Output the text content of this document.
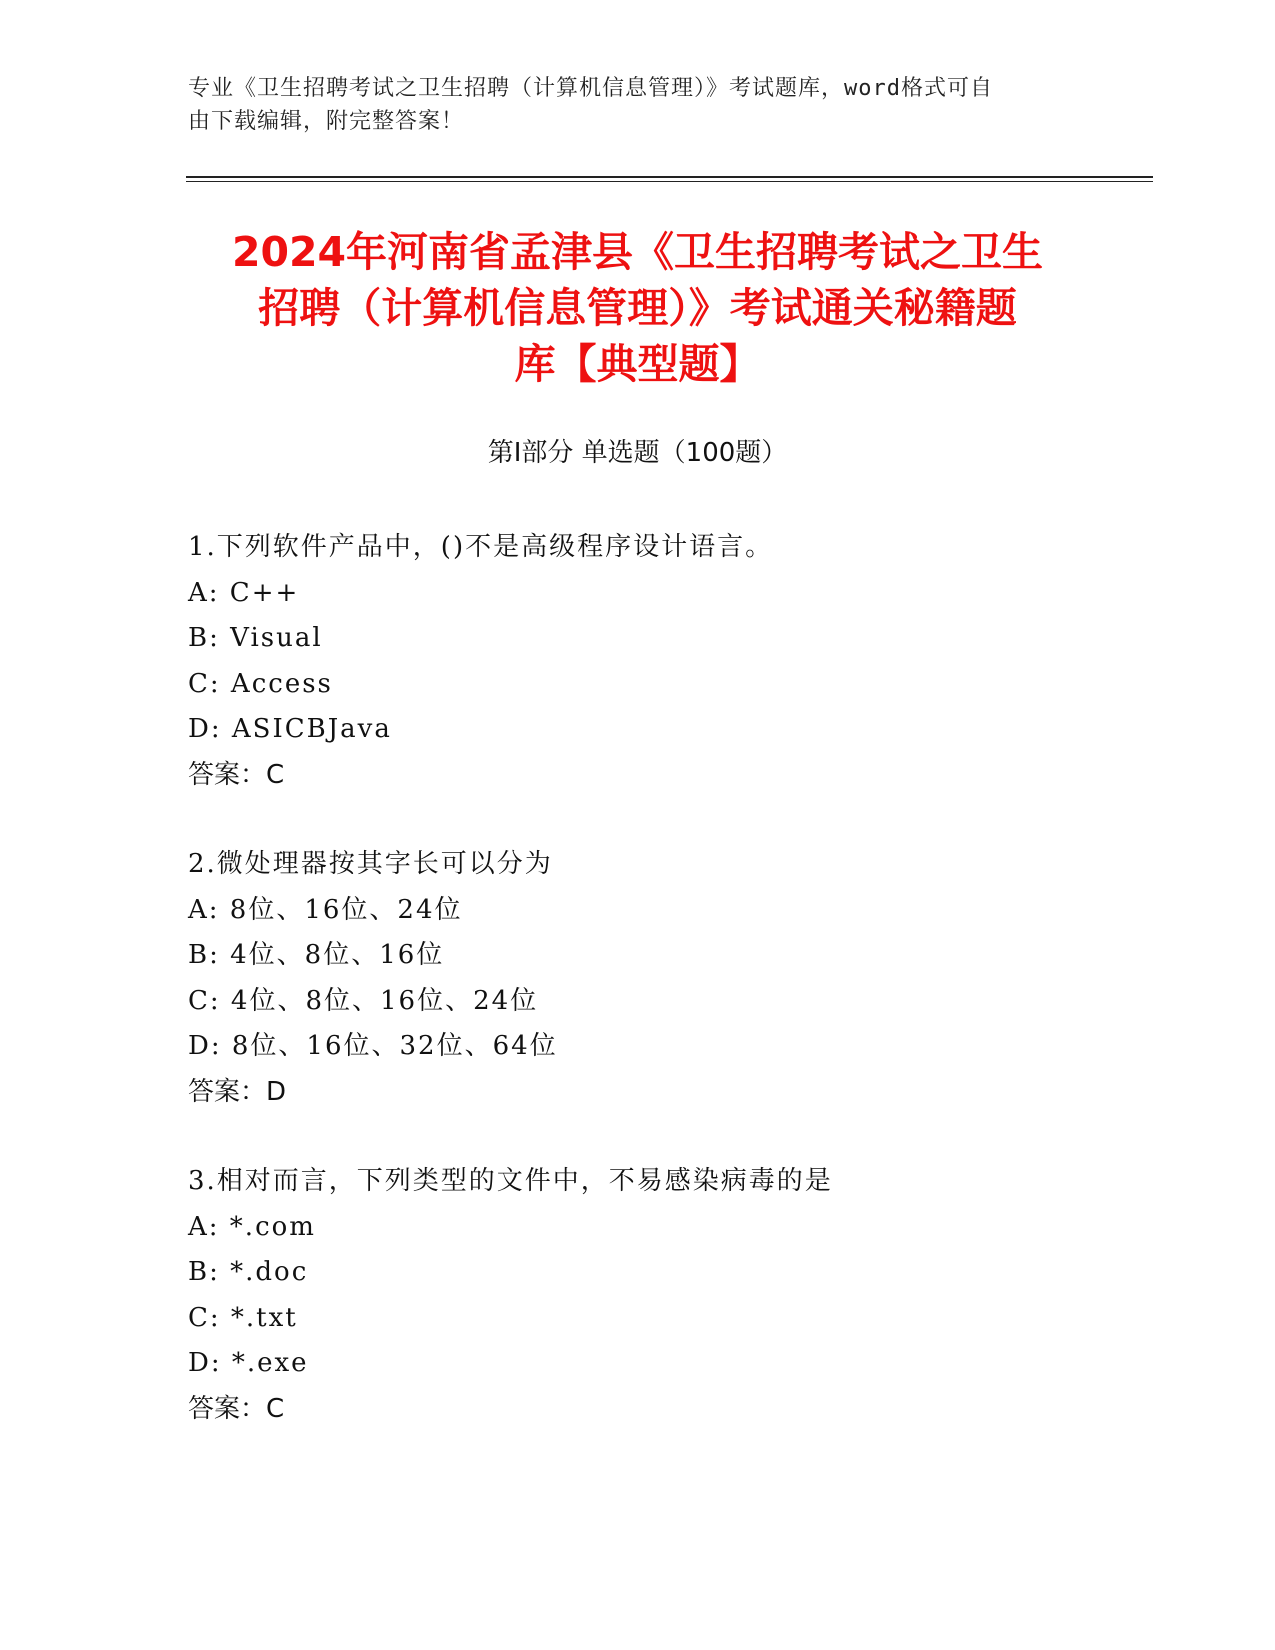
专业《卫生招聘考试之卫生招聘（计算机信息管理）》考试题库，word格式可自
由下载编辑，附完整答案！
2024年河南省孟津县《卫生招聘考试之卫生
招聘（计算机信息管理）》考试通关秘籍题
库【典型题】
第I部分 单选题（100题）
1.下列软件产品中，()不是高级程序设计语言。
A: C++
B: Visual
C: Access
D: ASICBJava
答案：C
2.微处理器按其字长可以分为
A: 8位、16位、24位
B: 4位、8位、16位
C: 4位、8位、16位、24位
D: 8位、16位、32位、64位
答案：D
3.相对而言，下列类型的文件中，不易感染病毒的是
A: *.com
B: *.doc
C: *.txt
D: *.exe
答案：C
